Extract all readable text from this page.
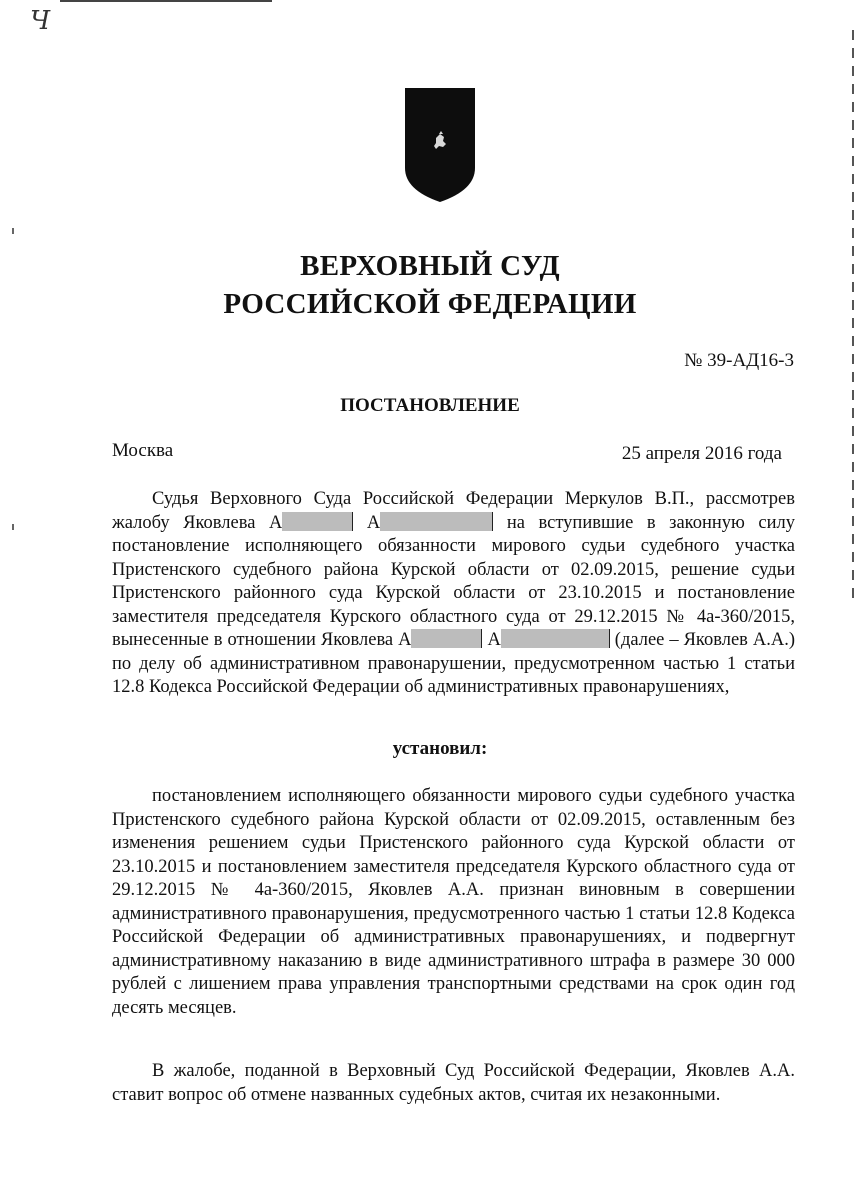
Ч
ВЕРХОВНЫЙ СУД
РОССИЙСКОЙ ФЕДЕРАЦИИ
№ 39-АД16-3
ПОСТАНОВЛЕНИЕ
Москва	25 апреля 2016 года

Судья Верховного Суда Российской Федерации Меркулов В.П., рассмотрев жалобу Яковлева А	А	на вступившие в законную силу постановление исполняющего обязанности мирового судьи судебного участка Пристенского судебного района Курской области от 02.09.2015, решение судьи Пристенского районного суда Курской области от 23.10.2015 и постановление заместителя председателя Курского областного суда от 29.12.2015 № 4а-360/2015, вынесенные в отношении Яковлева А	А	(далее – Яковлев А.А.) по делу об административном правонарушении, предусмотренном частью 1 статьи 12.8 Кодекса Российской Федерации об административных правонарушениях,

установил:

постановлением исполняющего обязанности мирового судьи судебного участка Пристенского судебного района Курской области от 02.09.2015, оставленным без изменения решением судьи Пристенского районного суда Курской области от 23.10.2015 и постановлением заместителя председателя Курского областного суда от 29.12.2015 № 4а-360/2015, Яковлев А.А. признан виновным в совершении административного правонарушения, предусмотренного частью 1 статьи 12.8 Кодекса Российской Федерации об административных правонарушениях, и подвергнут административному наказанию в виде административного штрафа в размере 30 000 рублей с лишением права управления транспортными средствами на срок один год десять месяцев.

В жалобе, поданной в Верховный Суд Российской Федерации, Яковлев А.А. ставит вопрос об отмене названных судебных актов, считая их незаконными.
